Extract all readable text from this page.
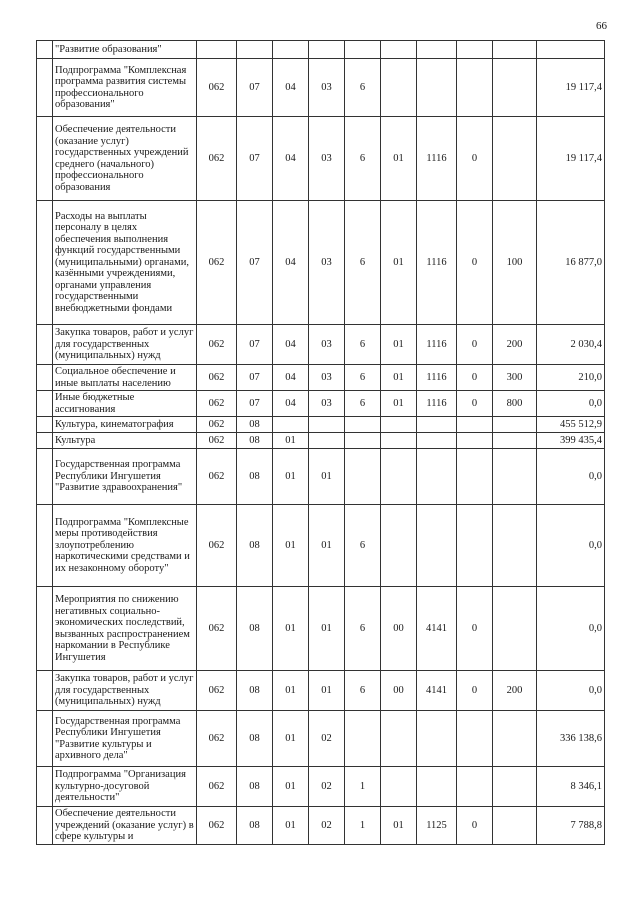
66
	"Развитие образования"										
	Подпрограмма "Комплексная программа развития системы профессионального образования"	062	07	04	03	6					19 117,4
	Обеспечение деятельности (оказание услуг) государственных учреждений среднего (начального) профессионального образования	062	07	04	03	6	01	1116	0		19 117,4
	Расходы на выплаты персоналу в целях обеспечения выполнения функций государственными (муниципальными) органами, казёнными учреждениями, органами управления государственными внебюджетными фондами	062	07	04	03	6	01	1116	0	100	16 877,0
	Закупка товаров, работ и услуг для государственных (муниципальных) нужд	062	07	04	03	6	01	1116	0	200	2 030,4
	Социальное обеспечение и иные выплаты населению	062	07	04	03	6	01	1116	0	300	210,0
	Иные бюджетные ассигнования	062	07	04	03	6	01	1116	0	800	0,0
	Культура, кинематография	062	08								455 512,9
	Культура	062	08	01							399 435,4
	Государственная программа Республики Ингушетия "Развитие здравоохранения"	062	08	01	01						0,0
	Подпрограмма "Комплексные меры противодействия злоупотреблению наркотическими средствами и их незаконному обороту"	062	08	01	01	6					0,0
	Мероприятия по снижению негативных социально-экономических последствий, вызванных распространением наркомании в Республике Ингушетия	062	08	01	01	6	00	4141	0		0,0
	Закупка товаров, работ и услуг для государственных (муниципальных) нужд	062	08	01	01	6	00	4141	0	200	0,0
	Государственная программа Республики Ингушетия "Развитие культуры и архивного дела"	062	08	01	02						336 138,6
	Подпрограмма "Организация культурно-досуговой деятельности"	062	08	01	02	1					8 346,1
	Обеспечение деятельности учреждений (оказание услуг) в сфере культуры и	062	08	01	02	1	01	1125	0		7 788,8
